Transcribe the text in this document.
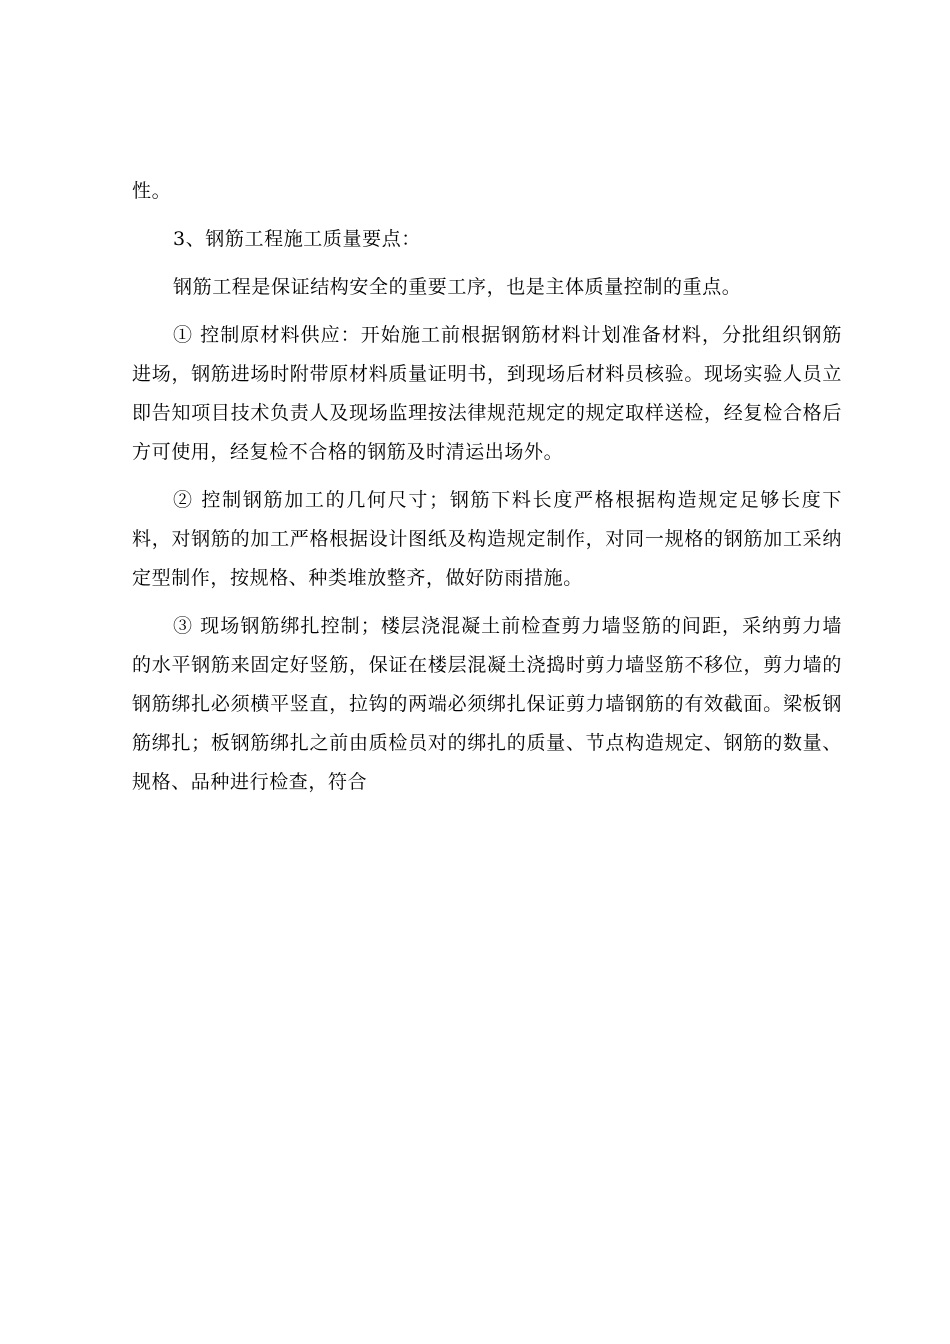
性。

3、钢筋工程施工质量要点：

钢筋工程是保证结构安全的重要工序，也是主体质量控制的重点。

① 控制原材料供应：开始施工前根据钢筋材料计划准备材料，分批组织钢筋进场，钢筋进场时附带原材料质量证明书，到现场后材料员核验。现场实验人员立即告知项目技术负责人及现场监理按法律规范规定的规定取样送检，经复检合格后方可使用，经复检不合格的钢筋及时清运出场外。

② 控制钢筋加工的几何尺寸；钢筋下料长度严格根据构造规定足够长度下料，对钢筋的加工严格根据设计图纸及构造规定制作，对同一规格的钢筋加工采纳定型制作，按规格、种类堆放整齐，做好防雨措施。

③ 现场钢筋绑扎控制；楼层浇混凝土前检查剪力墙竖筋的间距，采纳剪力墙的水平钢筋来固定好竖筋，保证在楼层混凝土浇捣时剪力墙竖筋不移位，剪力墙的钢筋绑扎必须横平竖直，拉钩的两端必须绑扎保证剪力墙钢筋的有效截面。梁板钢筋绑扎；板钢筋绑扎之前由质检员对的绑扎的质量、节点构造规定、钢筋的数量、规格、品种进行检查，符合
